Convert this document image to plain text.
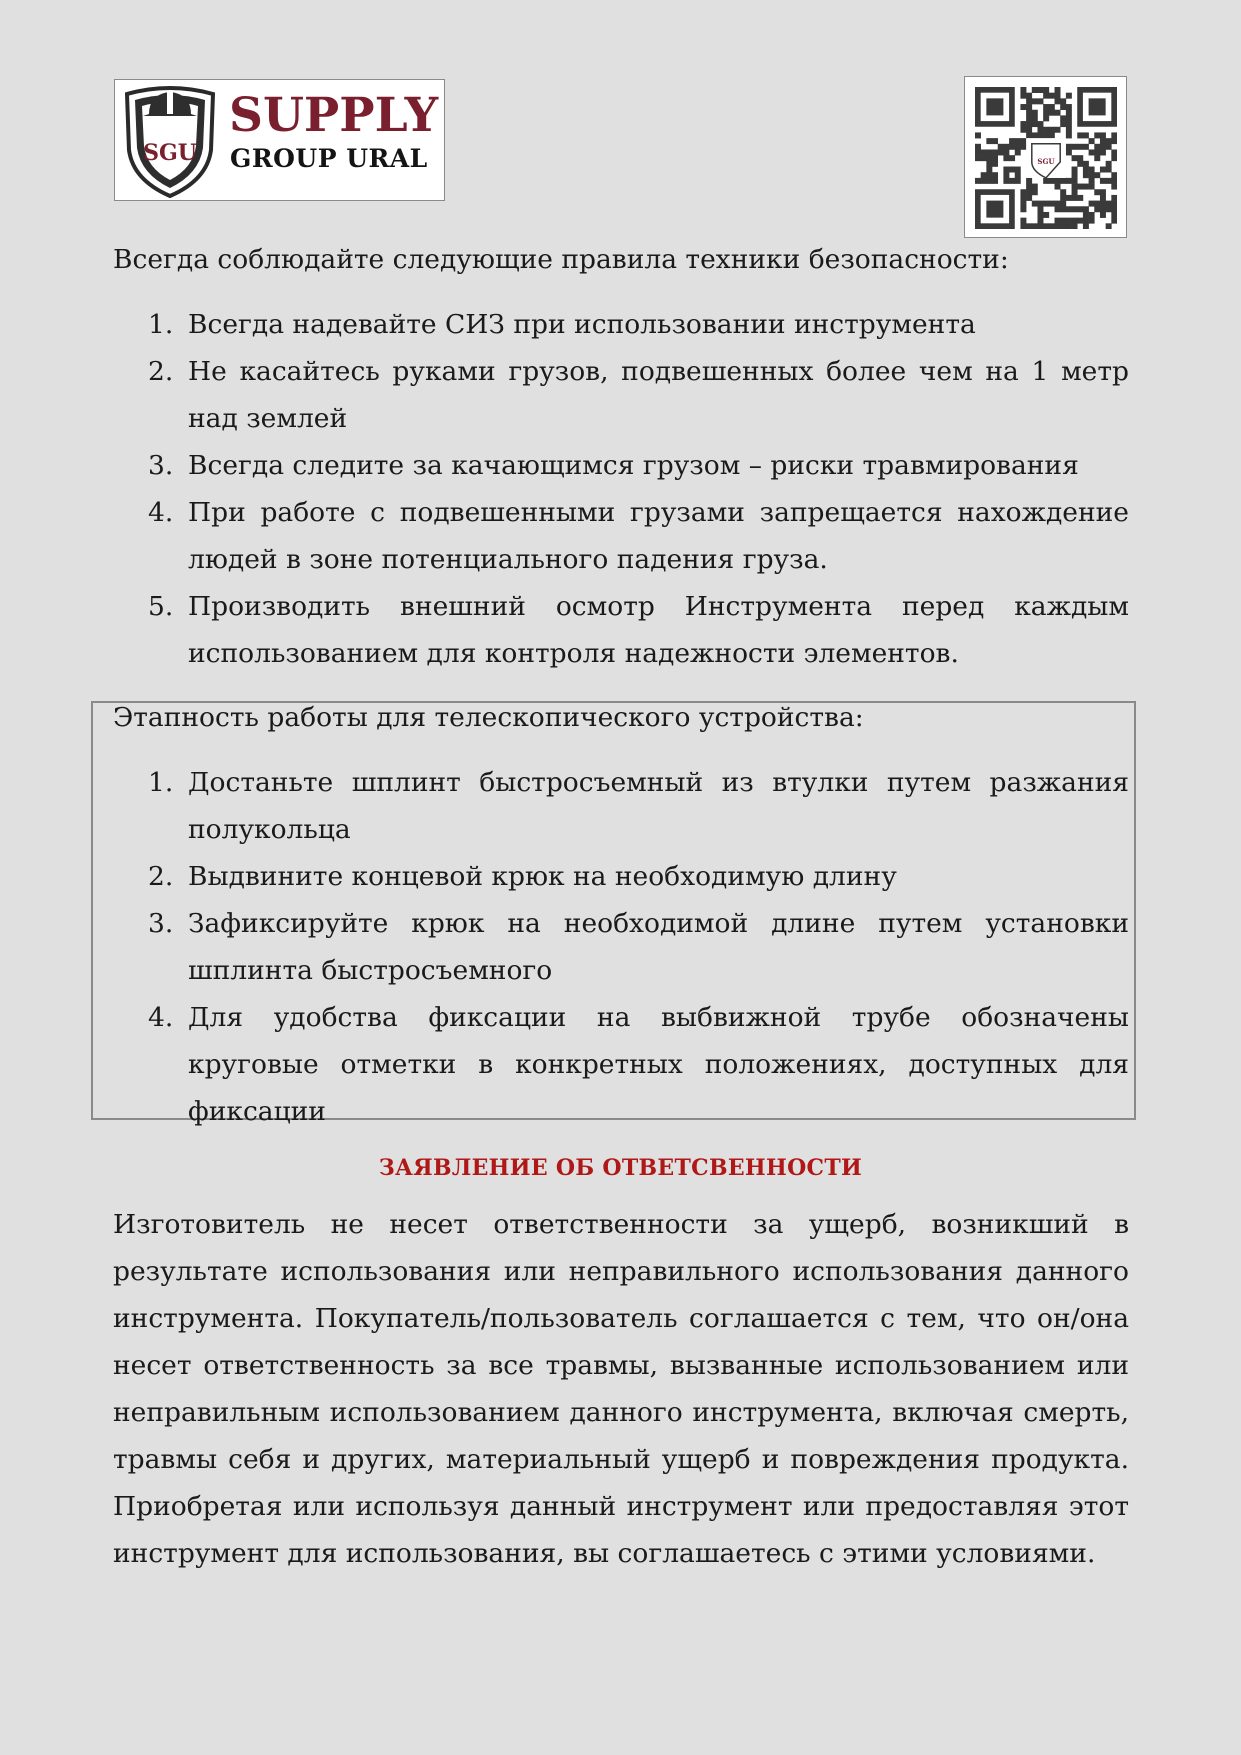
SGU
SUPPLY
GROUP URAL	SGU
Всегда соблюдайте следующие правила техники безопасности:
1. Всегда надевайте СИЗ при использовании инструмента
2. Не касайтесь руками грузов, подвешенных более чем на 1 метр над землей
3. Всегда следите за качающимся грузом – риски травмирования
4. При работе с подвешенными грузами запрещается нахождение людей в зоне потенциального падения груза.
5. Производить внешний осмотр Инструмента перед каждым использованием для контроля надежности элементов.
Этапность работы для телескопического устройства:
1. Достаньте шплинт быстросъемный из втулки путем разжания полукольца
2. Выдвините концевой крюк на необходимую длину
3. Зафиксируйте крюк на необходимой длине путем установки шплинта быстросъемного
4. Для удобства фиксации на выбвижной трубе обозначены круговые отметки в конкретных положениях, доступных для фиксации
ЗАЯВЛЕНИЕ ОБ ОТВЕТСВЕННОСТИ
Изготовитель не несет ответственности за ущерб, возникший в результате использования или неправильного использования данного инструмента. Покупатель/пользователь соглашается с тем, что он/она несет ответственность за все травмы, вызванные использованием или неправильным использованием данного инструмента, включая смерть, травмы себя и других, материальный ущерб и повреждения продукта. Приобретая или используя данный инструмент или предоставляя этот инструмент для использования, вы соглашаетесь с этими условиями.
